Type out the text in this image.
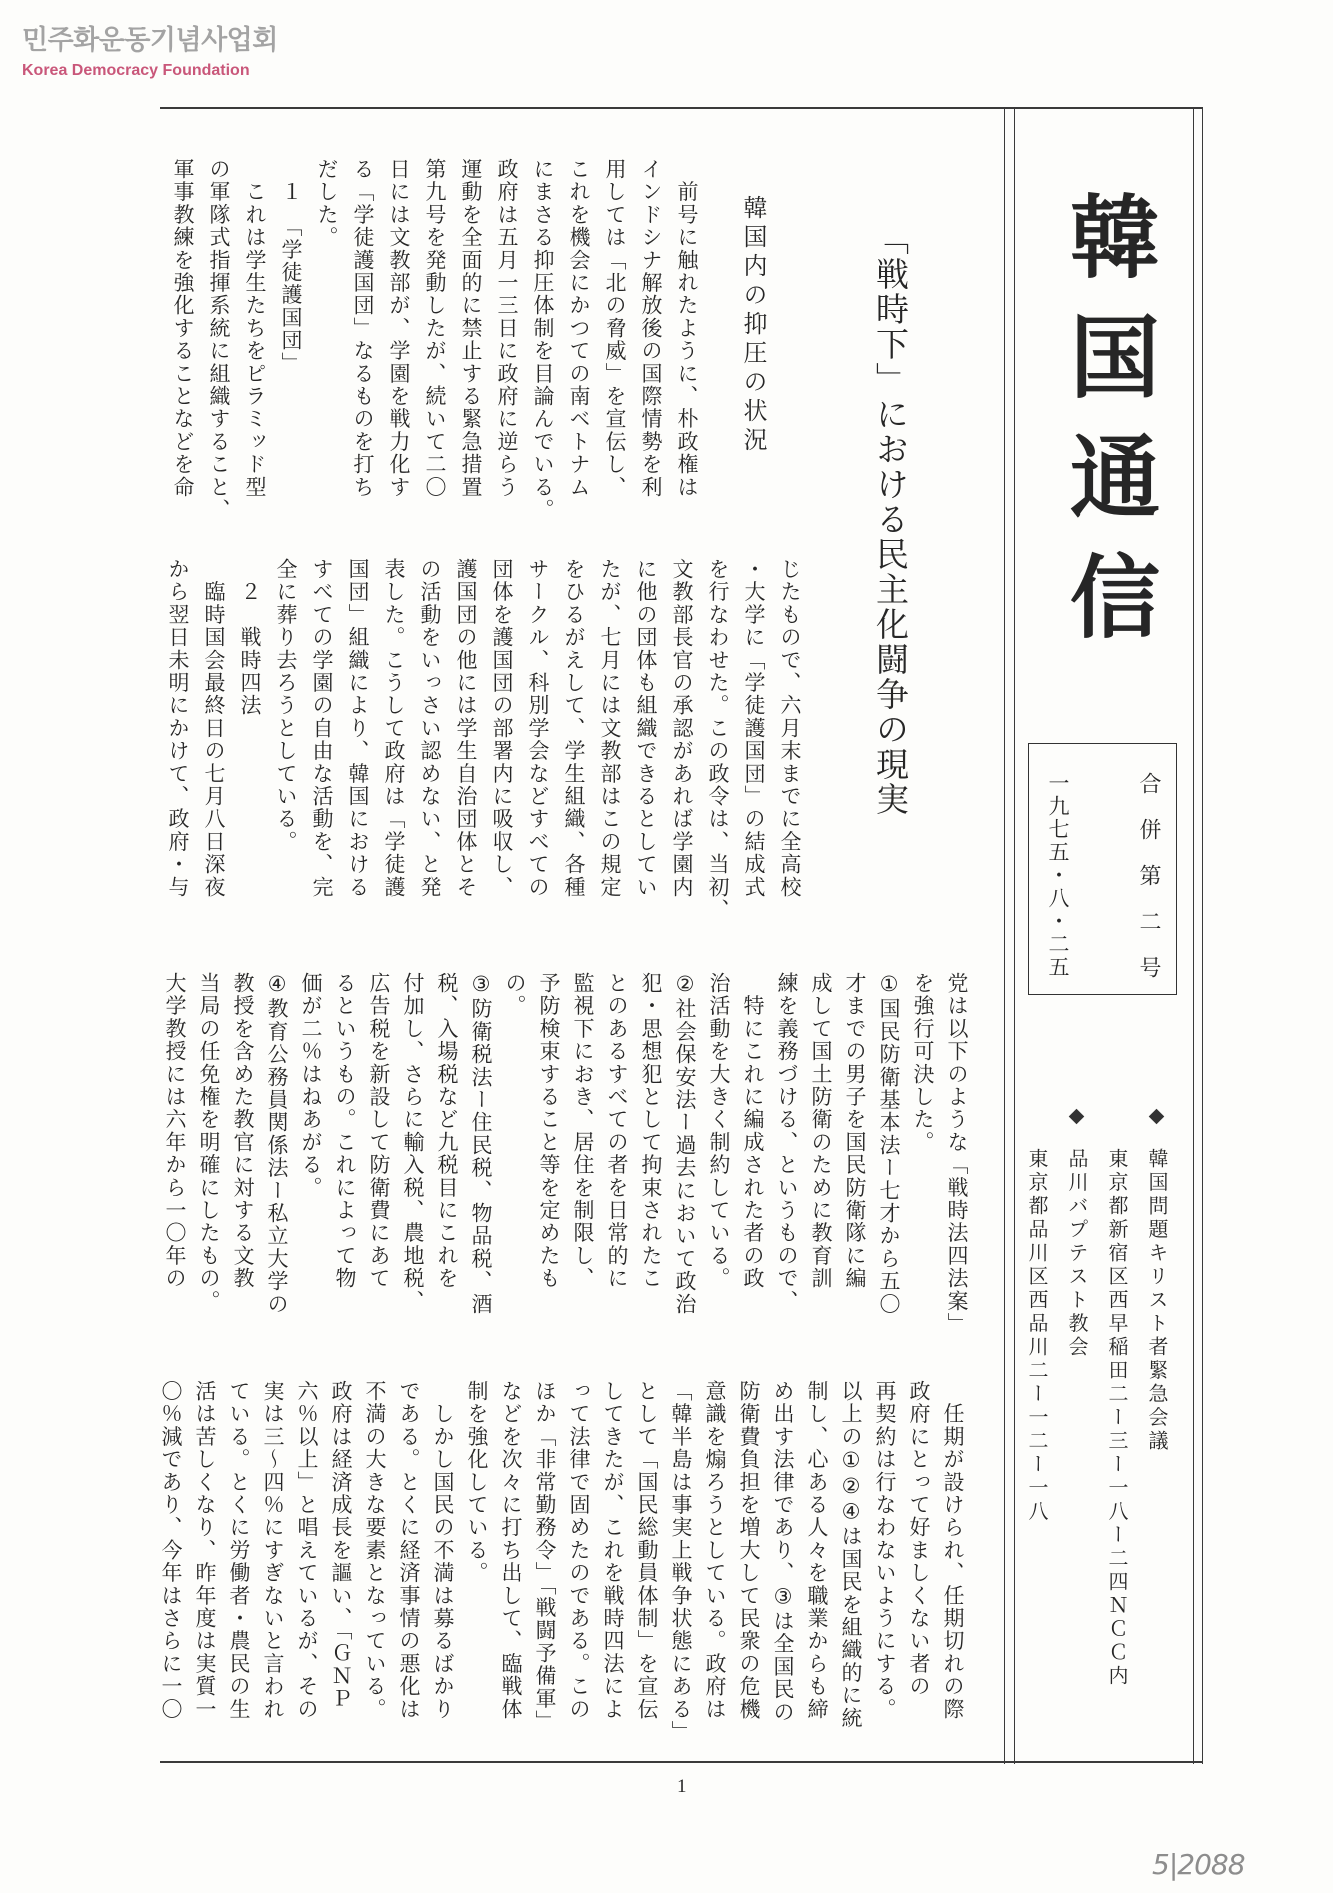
민주화운동기념사업회
Korea Democracy Foundation
韓国通信
合併第二号
一九七五・八・二五
韓国問題キリスト者緊急会議
東京都新宿区西早稲田二ー三ー一八ー二四ＮＣＣ内
品川バプテスト教会
東京都品川区西品川二ー一二ー一八
「戦時下」における民主化闘争の現実
韓国内の抑圧の状況
　前号に触れたように、朴政権は
インドシナ解放後の国際情勢を利
用しては「北の脅威」を宣伝し、
これを機会にかつての南ベトナム
にまさる抑圧体制を目論んでいる。
政府は五月一三日に政府に逆らう
運動を全面的に禁止する緊急措置
第九号を発動したが、続いて二〇
日には文教部が、学園を戦力化す
る「学徒護国団」なるものを打ち
だした。
　１　「学徒護国団」
　これは学生たちをピラミッド型
の軍隊式指揮系統に組織すること、
軍事教練を強化することなどを命
じたもので、六月末までに全高校
・大学に「学徒護国団」の結成式
を行なわせた。この政令は、当初、
文教部長官の承認があれば学園内
に他の団体も組織できるとしてい
たが、七月には文教部はこの規定
をひるがえして、学生組織、各種
サークル、科別学会などすべての
団体を護国団の部署内に吸収し、
護国団の他には学生自治団体とそ
の活動をいっさい認めない、と発
表した。こうして政府は「学徒護
国団」組織により、韓国における
すべての学園の自由な活動を、完
全に葬り去ろうとしている。
　２　戦時四法
　臨時国会最終日の七月八日深夜
から翌日未明にかけて、政府・与
党は以下のような「戦時法四法案」
を強行可決した。
①国民防衛基本法ー七才から五〇
才までの男子を国民防衛隊に編
成して国土防衛のために教育訓
練を義務づける、というもので、
　特にこれに編成された者の政
治活動を大きく制約している。
②社会保安法ー過去において政治
犯・思想犯として拘束されたこ
とのあるすべての者を日常的に
監視下におき、居住を制限し、
予防検束すること等を定めたも
の。
③防衛税法ー住民税、物品税、酒
税、入場税など九税目にこれを
付加し、さらに輸入税、農地税、
広告税を新設して防衛費にあて
るというもの。これによって物
価が二％はねあがる。
④教育公務員関係法ー私立大学の
教授を含めた教官に対する文教
当局の任免権を明確にしたもの。
大学教授には六年から一〇年の
　任期が設けられ、任期切れの際
政府にとって好ましくない者の
再契約は行なわないようにする。
以上の①②④は国民を組織的に統
制し、心ある人々を職業からも締
め出す法律であり、③は全国民の
防衛費負担を増大して民衆の危機
意識を煽ろうとしている。政府は
「韓半島は事実上戦争状態にある」
として「国民総動員体制」を宣伝
してきたが、これを戦時四法によ
って法律で固めたのである。この
ほか「非常勤務令」「戦闘予備軍」
などを次々に打ち出して、臨戦体
制を強化している。
　しかし国民の不満は募るばかり
である。とくに経済事情の悪化は
不満の大きな要素となっている。
政府は経済成長を謳い、「ＧＮＰ
六％以上」と唱えているが、その
実は三〜四％にすぎないと言われ
ている。とくに労働者・農民の生
活は苦しくなり、昨年度は実質一
〇％減であり、今年はさらに一〇
1
5|2088
